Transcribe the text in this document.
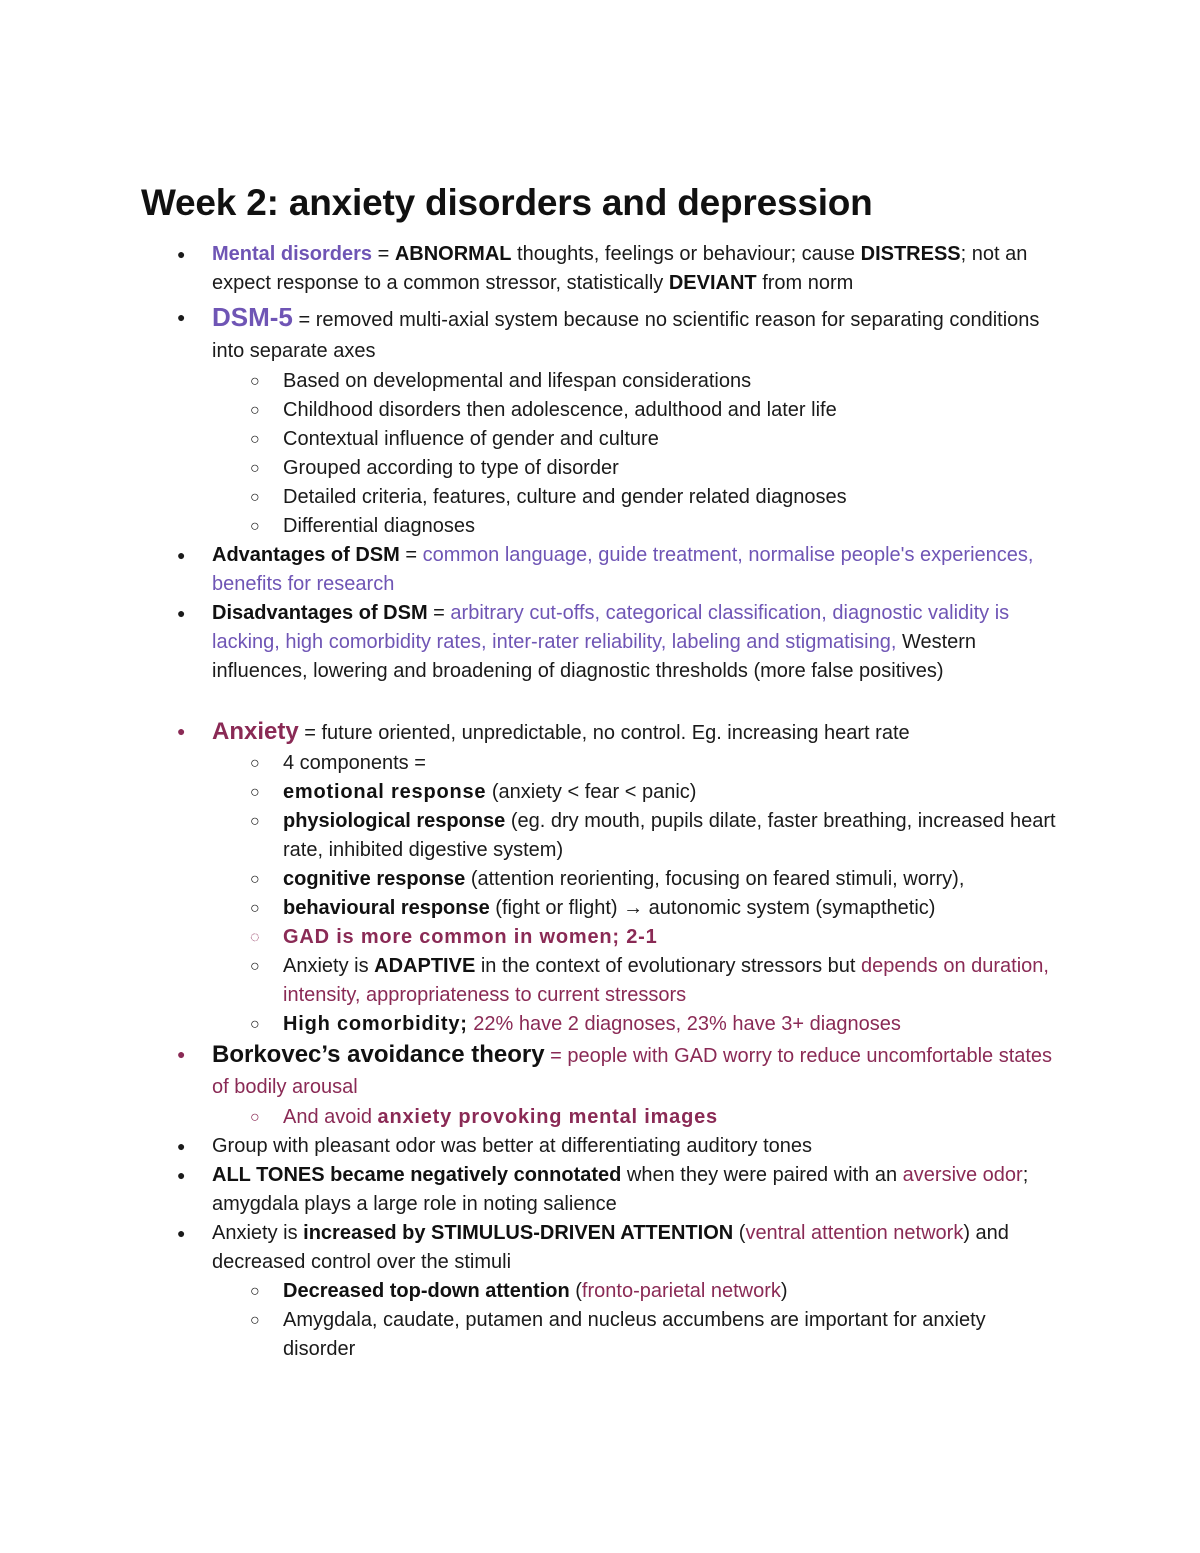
Week 2: anxiety disorders and depression
● Mental disorders = ABNORMAL thoughts, feelings or behaviour; cause DISTRESS; not an expect response to a common stressor, statistically DEVIANT from norm
● DSM-5 = removed multi-axial system because no scientific reason for separating conditions into separate axes
○ Based on developmental and lifespan considerations
○ Childhood disorders then adolescence, adulthood and later life
○ Contextual influence of gender and culture
○ Grouped according to type of disorder
○ Detailed criteria, features, culture and gender related diagnoses
○ Differential diagnoses
● Advantages of DSM = common language, guide treatment, normalise people's experiences, benefits for research
● Disadvantages of DSM = arbitrary cut-offs, categorical classification, diagnostic validity is lacking, high comorbidity rates, inter-rater reliability, labeling and stigmatising, Western influences, lowering and broadening of diagnostic thresholds (more false positives)
● Anxiety = future oriented, unpredictable, no control. Eg. increasing heart rate
○ 4 components =
○ emotional response (anxiety < fear < panic)
○ physiological response (eg. dry mouth, pupils dilate, faster breathing, increased heart rate, inhibited digestive system)
○ cognitive response (attention reorienting, focusing on feared stimuli, worry),
○ behavioural response (fight or flight) → autonomic system (symapthetic)
◌ GAD is more common in women; 2-1
○ Anxiety is ADAPTIVE in the context of evolutionary stressors but depends on duration, intensity, appropriateness to current stressors
○ High comorbidity; 22% have 2 diagnoses, 23% have 3+ diagnoses
● Borkovec’s avoidance theory = people with GAD worry to reduce uncomfortable states of bodily arousal
○ And avoid anxiety provoking mental images
● Group with pleasant odor was better at differentiating auditory tones
● ALL TONES became negatively connotated when they were paired with an aversive odor; amygdala plays a large role in noting salience
● Anxiety is increased by STIMULUS-DRIVEN ATTENTION (ventral attention network) and decreased control over the stimuli
○ Decreased top-down attention (fronto-parietal network)
○ Amygdala, caudate, putamen and nucleus accumbens are important for anxiety disorder
